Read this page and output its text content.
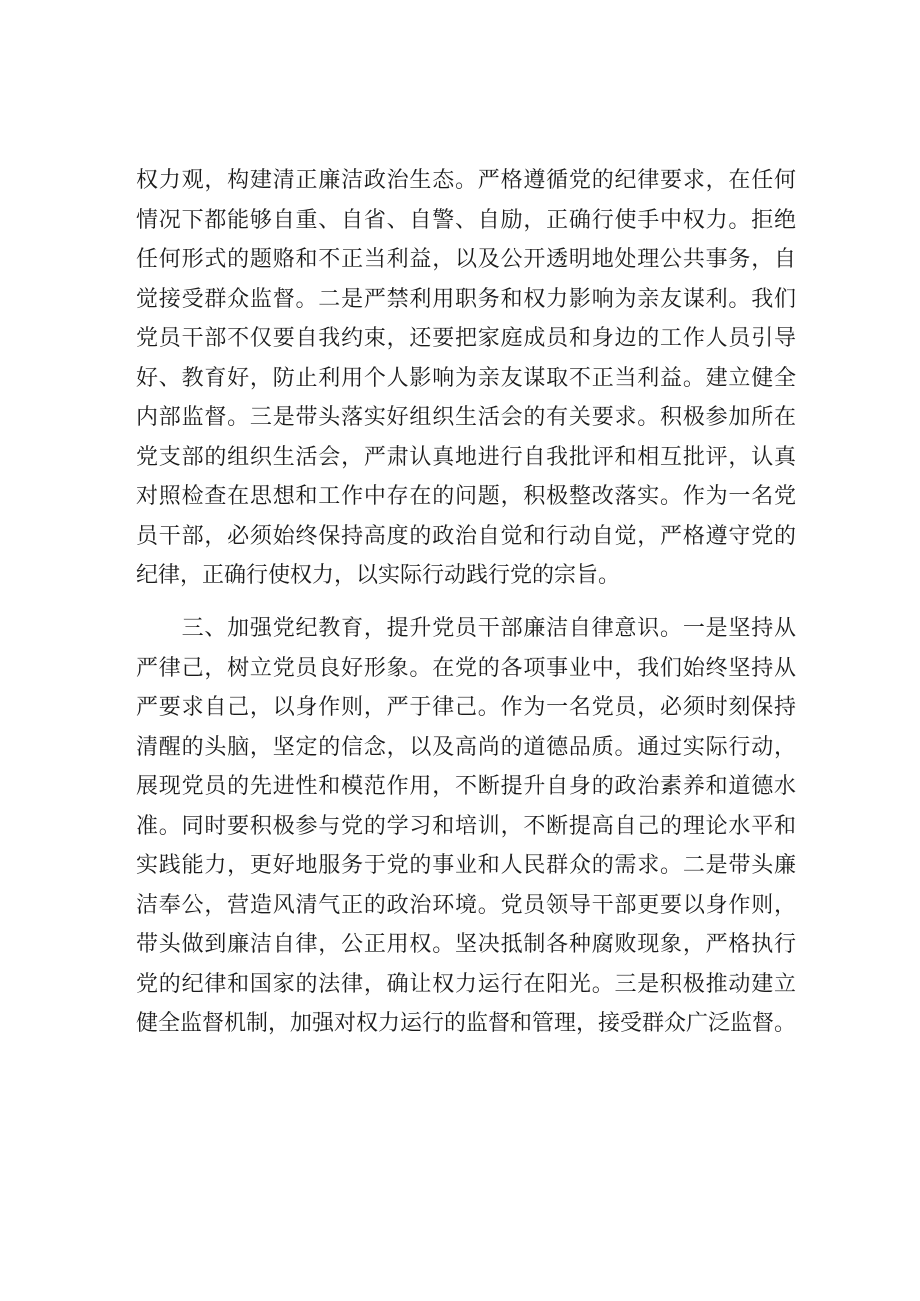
权力观，构建清正廉洁政治生态。严格遵循党的纪律要求，在任何
情况下都能够自重、自省、自警、自励，正确行使手中权力。拒绝
任何形式的题赂和不正当利益，以及公开透明地处理公共事务，自
觉接受群众监督。二是严禁利用职务和权力影响为亲友谋利。我们
党员干部不仅要自我约束，还要把家庭成员和身边的工作人员引导
好、教育好，防止利用个人影响为亲友谋取不正当利益。建立健全
内部监督。三是带头落实好组织生活会的有关要求。积极参加所在
党支部的组织生活会，严肃认真地进行自我批评和相互批评，认真
对照检查在思想和工作中存在的问题，积极整改落实。作为一名党
员干部，必须始终保持高度的政治自觉和行动自觉，严格遵守党的
纪律，正确行使权力，以实际行动践行党的宗旨。
　　三、加强党纪教育，提升党员干部廉洁自律意识。一是坚持从
严律己，树立党员良好形象。在党的各项事业中，我们始终坚持从
严要求自己，以身作则，严于律己。作为一名党员，必须时刻保持
清醒的头脑，坚定的信念，以及高尚的道德品质。通过实际行动，
展现党员的先进性和模范作用，不断提升自身的政治素养和道德水
准。同时要积极参与党的学习和培训，不断提高自己的理论水平和
实践能力，更好地服务于党的事业和人民群众的需求。二是带头廉
洁奉公，营造风清气正的政治环境。党员领导干部更要以身作则，
带头做到廉洁自律，公正用权。坚决抵制各种腐败现象，严格执行
党的纪律和国家的法律，确让权力运行在阳光。三是积极推动建立
健全监督机制，加强对权力运行的监督和管理，接受群众广泛监督。
